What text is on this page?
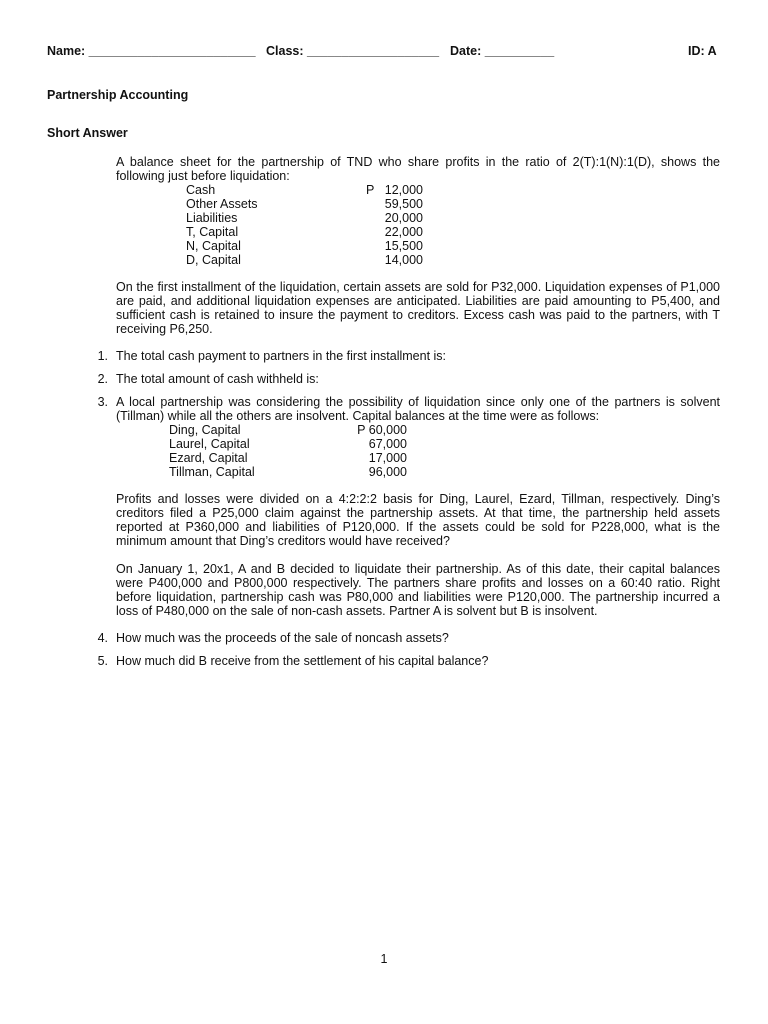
Name: ________________________ Class: ___________________ Date: __________	ID: A
Partnership Accounting
Short Answer
A balance sheet for the partnership of TND who share profits in the ratio of 2(T):1(N):1(D), shows the following just before liquidation:
Cash	P 12,000
Other Assets	59,500
Liabilities	20,000
T, Capital	22,000
N, Capital	15,500
D, Capital	14,000
On the first installment of the liquidation, certain assets are sold for P32,000. Liquidation expenses of P1,000 are paid, and additional liquidation expenses are anticipated. Liabilities are paid amounting to P5,400, and sufficient cash is retained to insure the payment to creditors. Excess cash was paid to the partners, with T receiving P6,250.
1. The total cash payment to partners in the first installment is:
2. The total amount of cash withheld is:
3. A local partnership was considering the possibility of liquidation since only one of the partners is solvent (Tillman) while all the others are insolvent. Capital balances at the time were as follows:
Ding, Capital	P 60,000
Laurel, Capital	67,000
Ezard, Capital	17,000
Tillman, Capital	96,000
Profits and losses were divided on a 4:2:2:2 basis for Ding, Laurel, Ezard, Tillman, respectively. Ding’s creditors filed a P25,000 claim against the partnership assets. At that time, the partnership held assets reported at P360,000 and liabilities of P120,000. If the assets could be sold for P228,000, what is the minimum amount that Ding’s creditors would have received?
On January 1, 20x1, A and B decided to liquidate their partnership. As of this date, their capital balances were P400,000 and P800,000 respectively. The partners share profits and losses on a 60:40 ratio. Right before liquidation, partnership cash was P80,000 and liabilities were P120,000. The partnership incurred a loss of P480,000 on the sale of non-cash assets. Partner A is solvent but B is insolvent.
4. How much was the proceeds of the sale of noncash assets?
5. How much did B receive from the settlement of his capital balance?
1
